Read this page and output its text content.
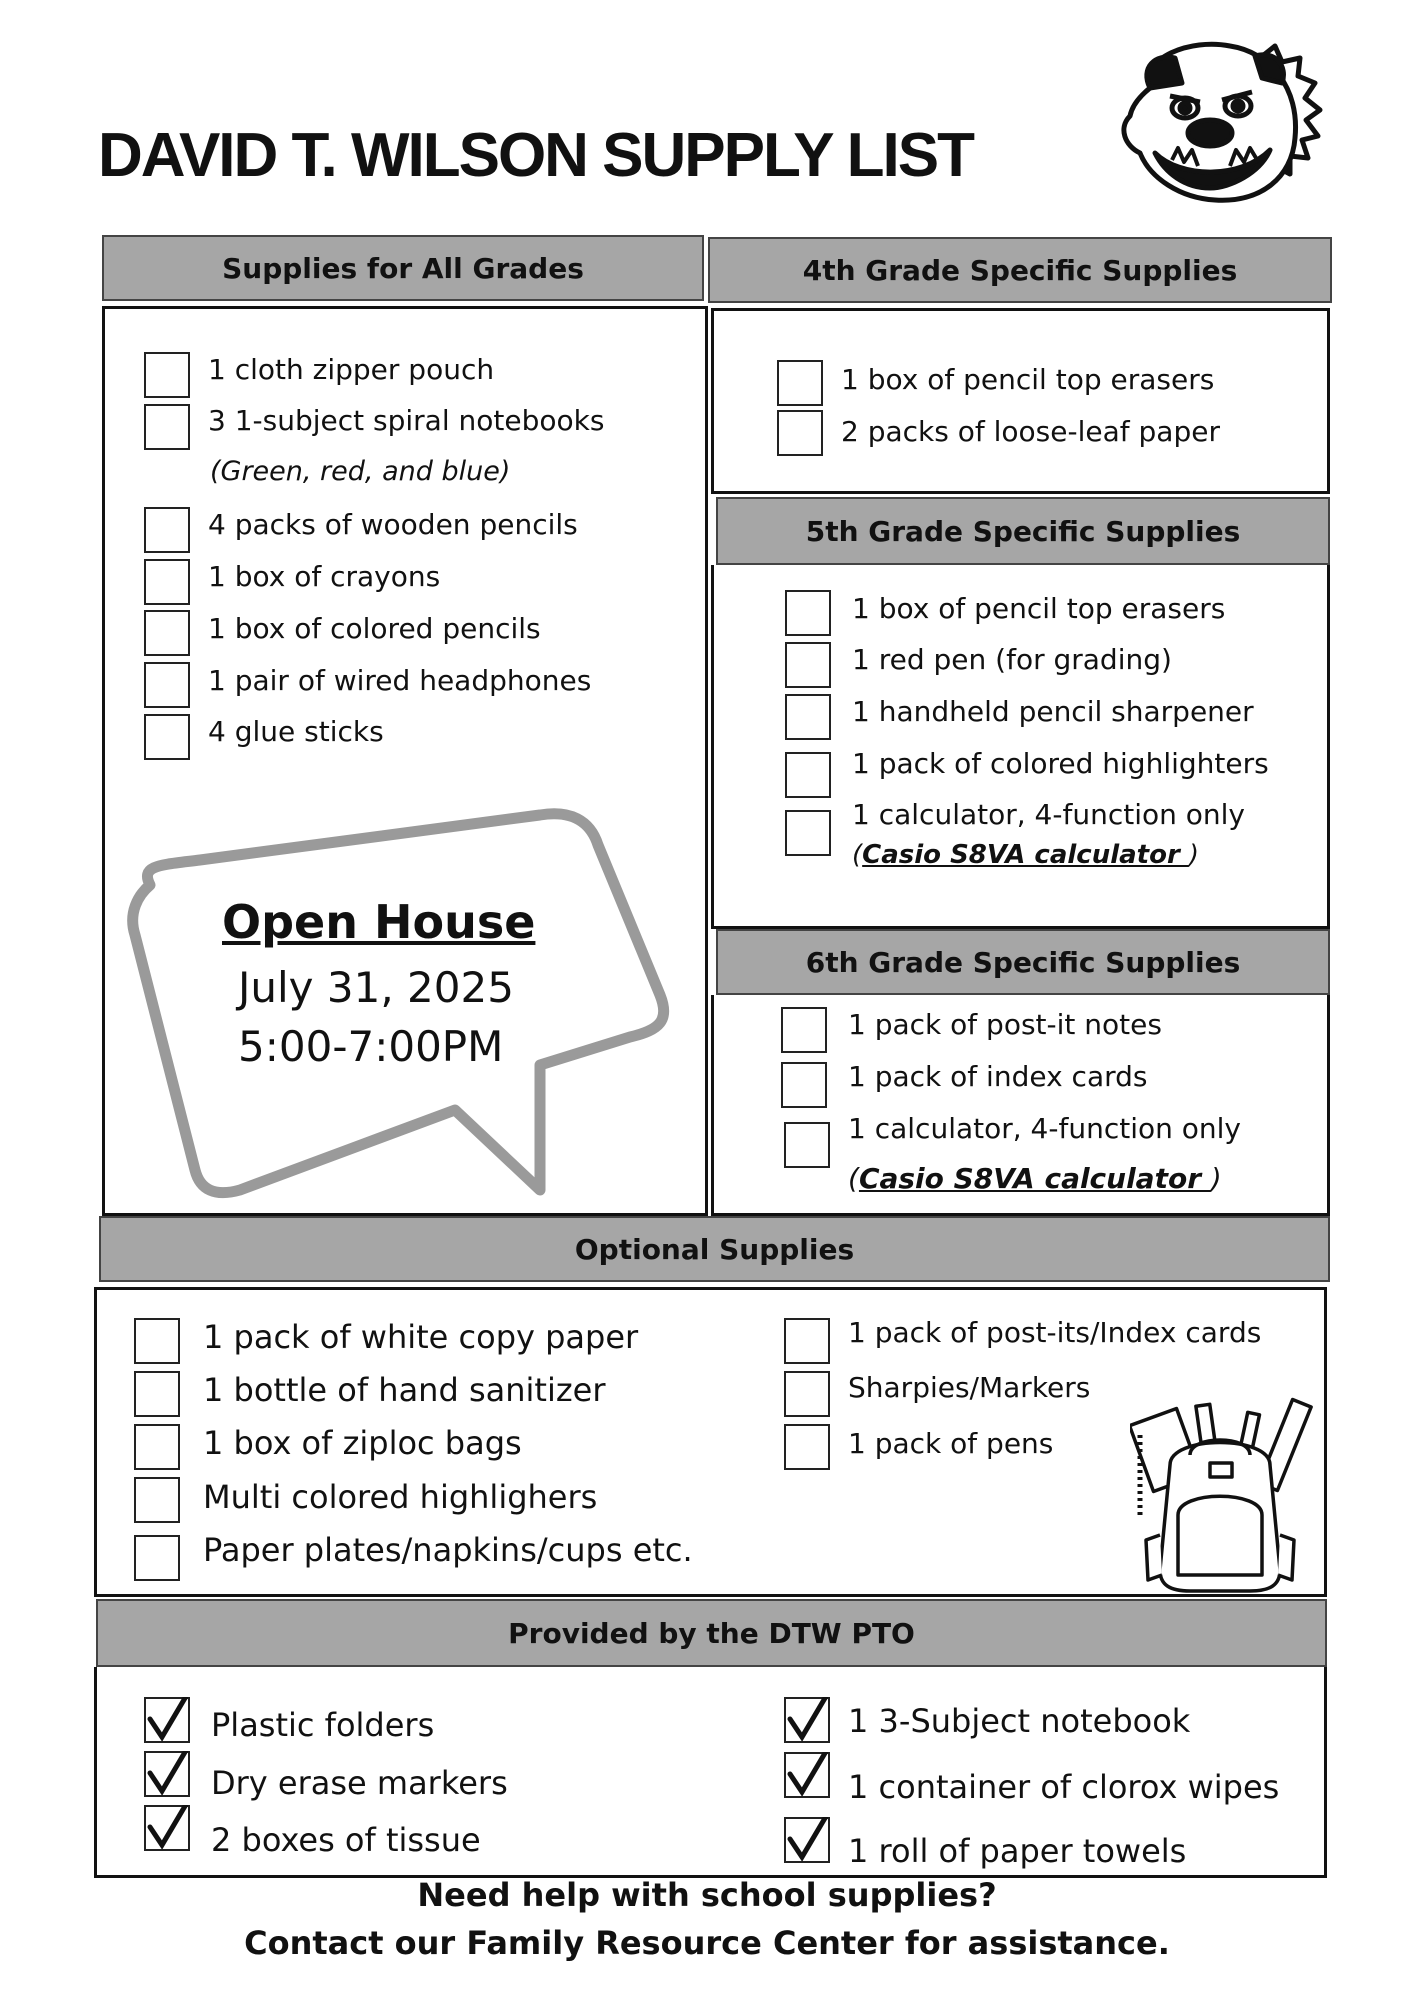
DAVID T. WILSON SUPPLY LIST
Supplies for All Grades
1 cloth zipper pouch
3 1-subject spiral notebooks
(Green, red, and blue)
4 packs of wooden pencils
1 box of crayons
1 box of colored pencils
1 pair of wired headphones
4 glue sticks
Open House
July 31, 2025
5:00-7:00PM
4th Grade Specific Supplies
1 box of pencil top erasers
2 packs of loose-leaf paper
5th Grade Specific Supplies
1 box of pencil top erasers
1 red pen (for grading)
1 handheld pencil sharpener
1 pack of colored highlighters
1 calculator, 4-function only
(Casio S8VA calculator )
6th Grade Specific Supplies
1 pack of post-it notes
1 pack of index cards
1 calculator, 4-function only
(Casio S8VA calculator )
Optional Supplies
1 pack of white copy paper
1 bottle of hand sanitizer
1 box of ziploc bags
Multi colored highlighers
Paper plates/napkins/cups etc.
1 pack of post-its/Index cards
Sharpies/Markers
1 pack of pens
Provided by the DTW PTO
Plastic folders
Dry erase markers
2 boxes of tissue
1 3-Subject notebook
1 container of clorox wipes
1 roll of paper towels
Need help with school supplies?
Contact our Family Resource Center for assistance.
